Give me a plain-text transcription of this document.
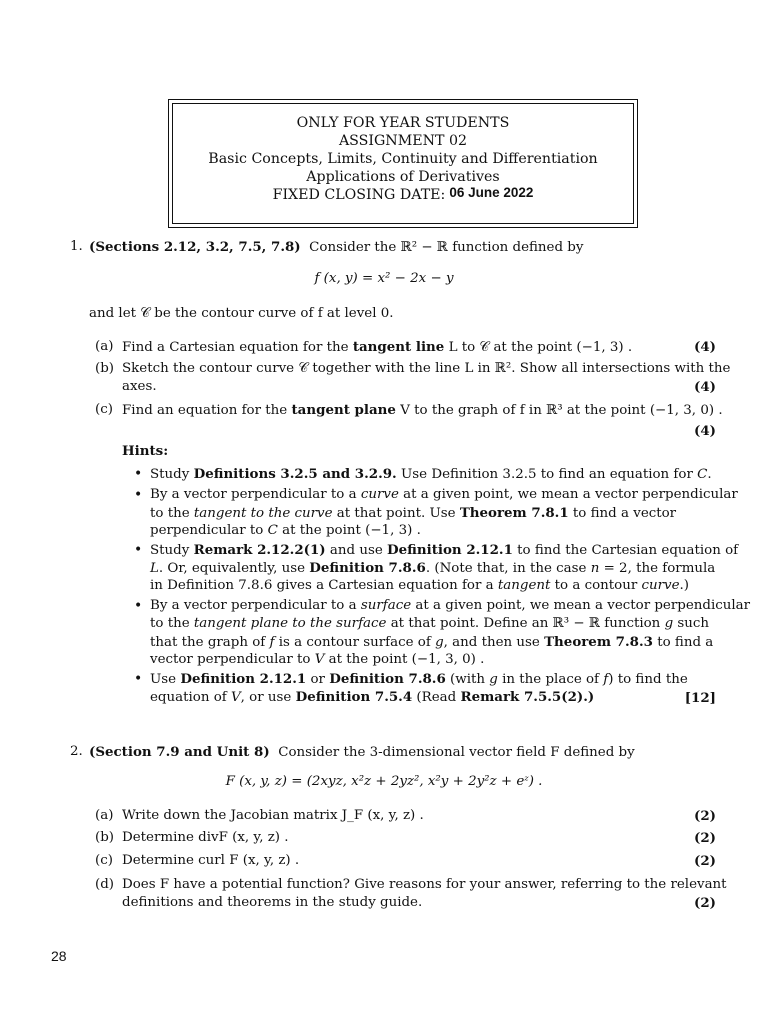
ONLY FOR YEAR STUDENTS
ASSIGNMENT 02
Basic Concepts, Limits, Continuity and Differentiation
Applications of Derivatives
FIXED CLOSING DATE: 06 June 2022
1. (Sections 2.12, 3.2, 7.5, 7.8) Consider the ℝ² − ℝ function defined by
f (x, y) = x² − 2x − y
and let 𝒞 be the contour curve of f at level 0.
(a) Find a Cartesian equation for the tangent line L to 𝒞 at the point (−1, 3) .	(4)
(b) Sketch the contour curve 𝒞 together with the line L in ℝ². Show all intersections with the
axes.	(4)
(c) Find an equation for the tangent plane V to the graph of f in ℝ³ at the point (−1, 3, 0) .
(4)
Hints:
• Study Definitions 3.2.5 and 3.2.9. Use Definition 3.2.5 to find an equation for C.
• By a vector perpendicular to a curve at a given point, we mean a vector perpendicular
to the tangent to the curve at that point. Use Theorem 7.8.1 to find a vector
perpendicular to C at the point (−1, 3) .
• Study Remark 2.12.2(1) and use Definition 2.12.1 to find the Cartesian equation of
L. Or, equivalently, use Definition 7.8.6. (Note that, in the case n = 2, the formula
in Definition 7.8.6 gives a Cartesian equation for a tangent to a contour curve.)
• By a vector perpendicular to a surface at a given point, we mean a vector perpendicular
to the tangent plane to the surface at that point. Define an ℝ³ − ℝ function g such
that the graph of f is a contour surface of g, and then use Theorem 7.8.3 to find a
vector perpendicular to V at the point (−1, 3, 0) .
• Use Definition 2.12.1 or Definition 7.8.6 (with g in the place of f) to find the
equation of V, or use Definition 7.5.4 (Read Remark 7.5.5(2).)	[12]
2. (Section 7.9 and Unit 8) Consider the 3-dimensional vector field F defined by
F (x, y, z) = (2xyz, x²z + 2yz², x²y + 2y²z + eᶻ) .
(a) Write down the Jacobian matrix J_F (x, y, z) .	(2)
(b) Determine divF (x, y, z) .	(2)
(c) Determine curl F (x, y, z) .	(2)
(d) Does F have a potential function? Give reasons for your answer, referring to the relevant
definitions and theorems in the study guide.	(2)
28
